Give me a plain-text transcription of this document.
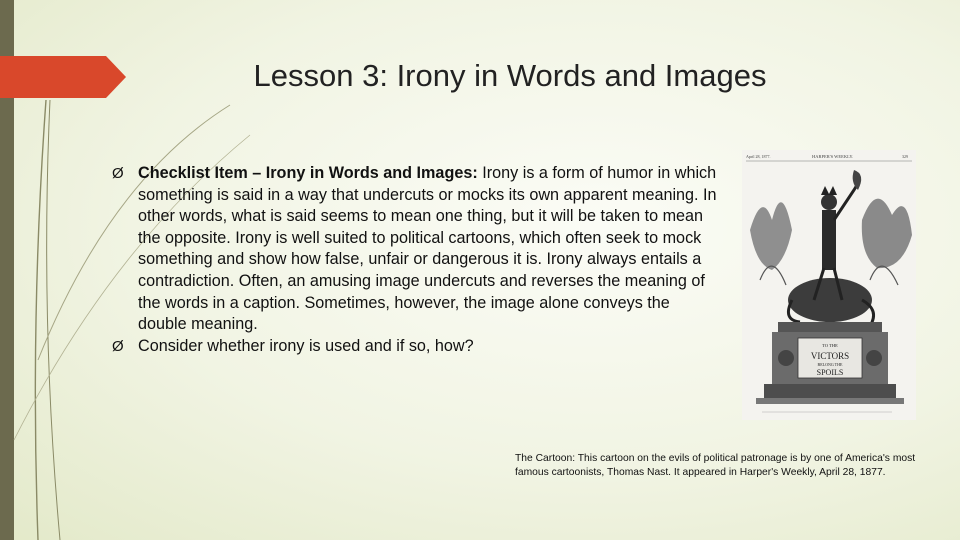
Lesson 3: Irony in Words and Images

Ø Checklist Item – Irony in Words and Images: Irony is a form of humor in which something is said in a way that undercuts or mocks its own apparent meaning. In other words, what is said seems to mean one thing, but it will be taken to mean the opposite. Irony is well suited to political cartoons, which often seek to mock something and show how false, unfair or dangerous it is. Irony always entails a contradiction. Often, an amusing image undercuts and reverses the meaning of the words in a caption. Sometimes, however, the image alone conveys the double meaning.

Ø Consider whether irony is used and if so, how?

April 28, 1877.	HARPER'S WEEKLY.	329
TO THE
VICTORS
BELONG THE
SPOILS
The Cartoon: This cartoon on the evils of political patronage is by one of America's most famous cartoonists, Thomas Nast. It appeared in Harper's Weekly, April 28, 1877.
